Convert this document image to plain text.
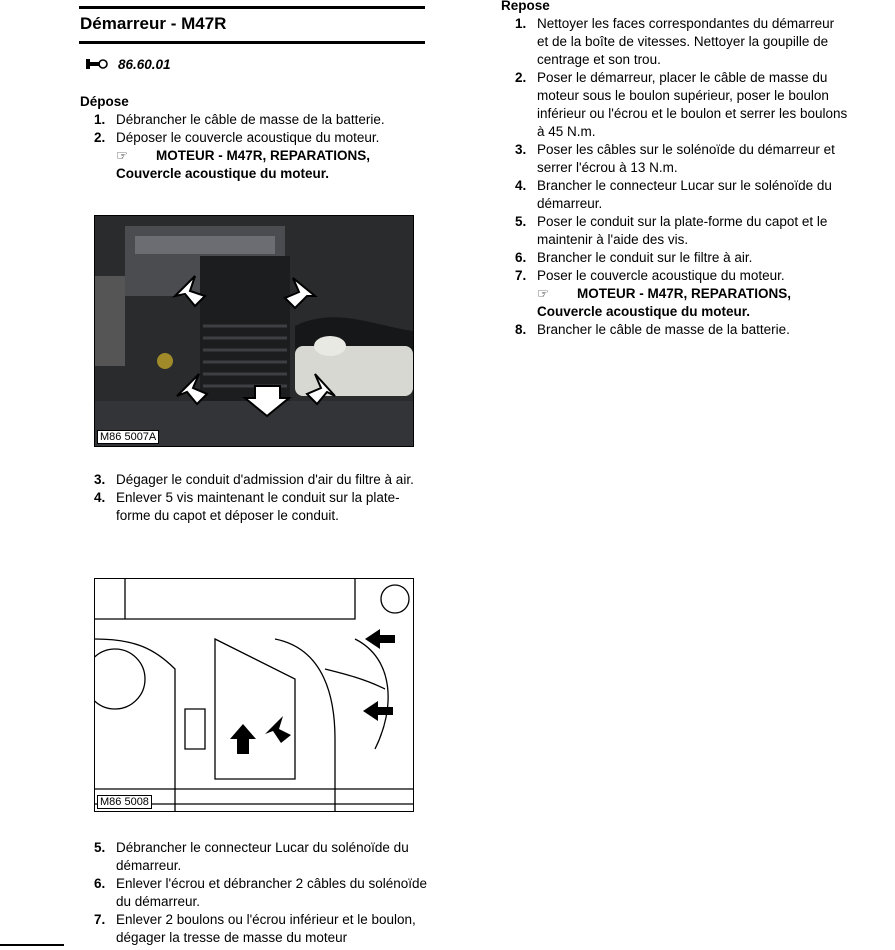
Démarreur - M47R
86.60.01
Dépose
1. Débrancher le câble de masse de la batterie.
2. Déposer le couvercle acoustique du moteur.
☞ MOTEUR - M47R, REPARATIONS,
Couvercle acoustique du moteur.
M86 5007A
3. Dégager le conduit d'admission d'air du filtre à air.
4. Enlever 5 vis maintenant le conduit sur la plate-forme du capot et déposer le conduit.
M86 5008
5. Débrancher le connecteur Lucar du solénoïde du démarreur.
6. Enlever l'écrou et débrancher 2 câbles du solénoïde du démarreur.
7. Enlever 2 boulons ou l'écrou inférieur et le boulon, dégager la tresse de masse du moteur
Repose
1. Nettoyer les faces correspondantes du démarreur et de la boîte de vitesses. Nettoyer la goupille de centrage et son trou.
2. Poser le démarreur, placer le câble de masse du moteur sous le boulon supérieur, poser le boulon inférieur ou l'écrou et le boulon et serrer les boulons à 45 N.m.
3. Poser les câbles sur le solénoïde du démarreur et serrer l'écrou à 13 N.m.
4. Brancher le connecteur Lucar sur le solénoïde du démarreur.
5. Poser le conduit sur la plate-forme du capot et le maintenir à l'aide des vis.
6. Brancher le conduit sur le filtre à air.
7. Poser le couvercle acoustique du moteur.
☞ MOTEUR - M47R, REPARATIONS,
Couvercle acoustique du moteur.
8. Brancher le câble de masse de la batterie.
